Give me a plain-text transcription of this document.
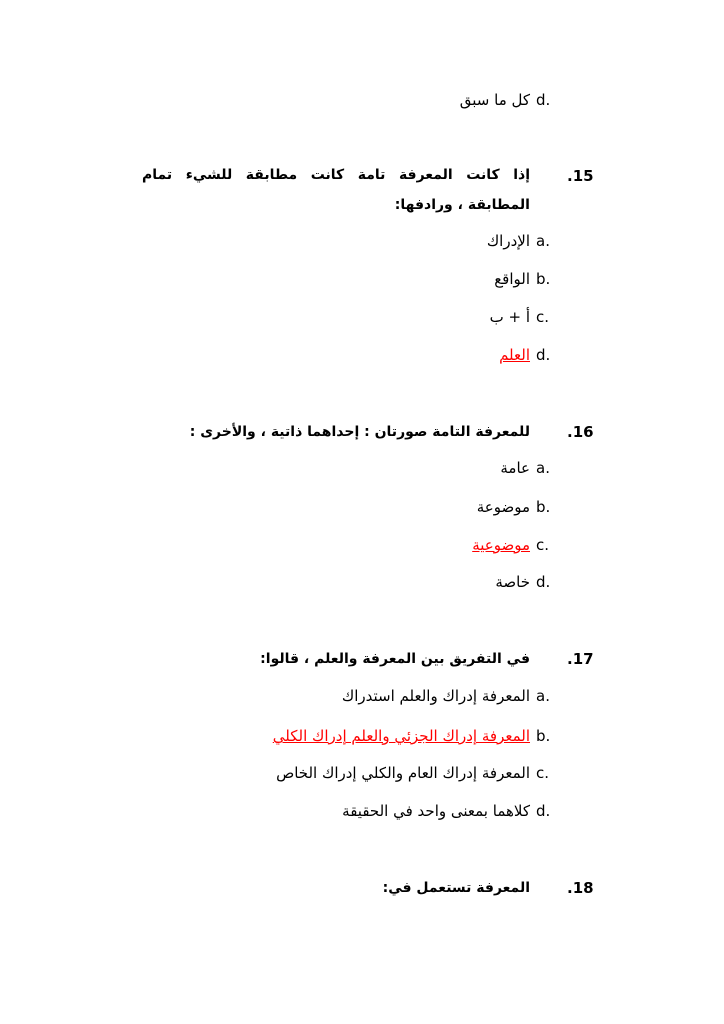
d.
كل ما سبق
.15
إذا كانت المعرفة تامة كانت مطابقة للشيء تمام المطابقة ، ورادفها:
a.
الإدراك
b.
الواقع
c.
أ + ب
d.
العلم
.16
للمعرفة التامة صورتان : إحداهما ذاتية ، والأخرى :
a.
عامة
b.
موضوعة
c.
موضوعية
d.
خاصة
.17
في التفريق بين المعرفة والعلم ، قالوا:
a.
المعرفة إدراك والعلم استدراك
b.
المعرفة إدراك الجزئي والعلم إدراك الكلي
c.
المعرفة إدراك العام والكلي إدراك الخاص
d.
كلاهما بمعنى واحد في الحقيقة
.18
المعرفة تستعمل في:
